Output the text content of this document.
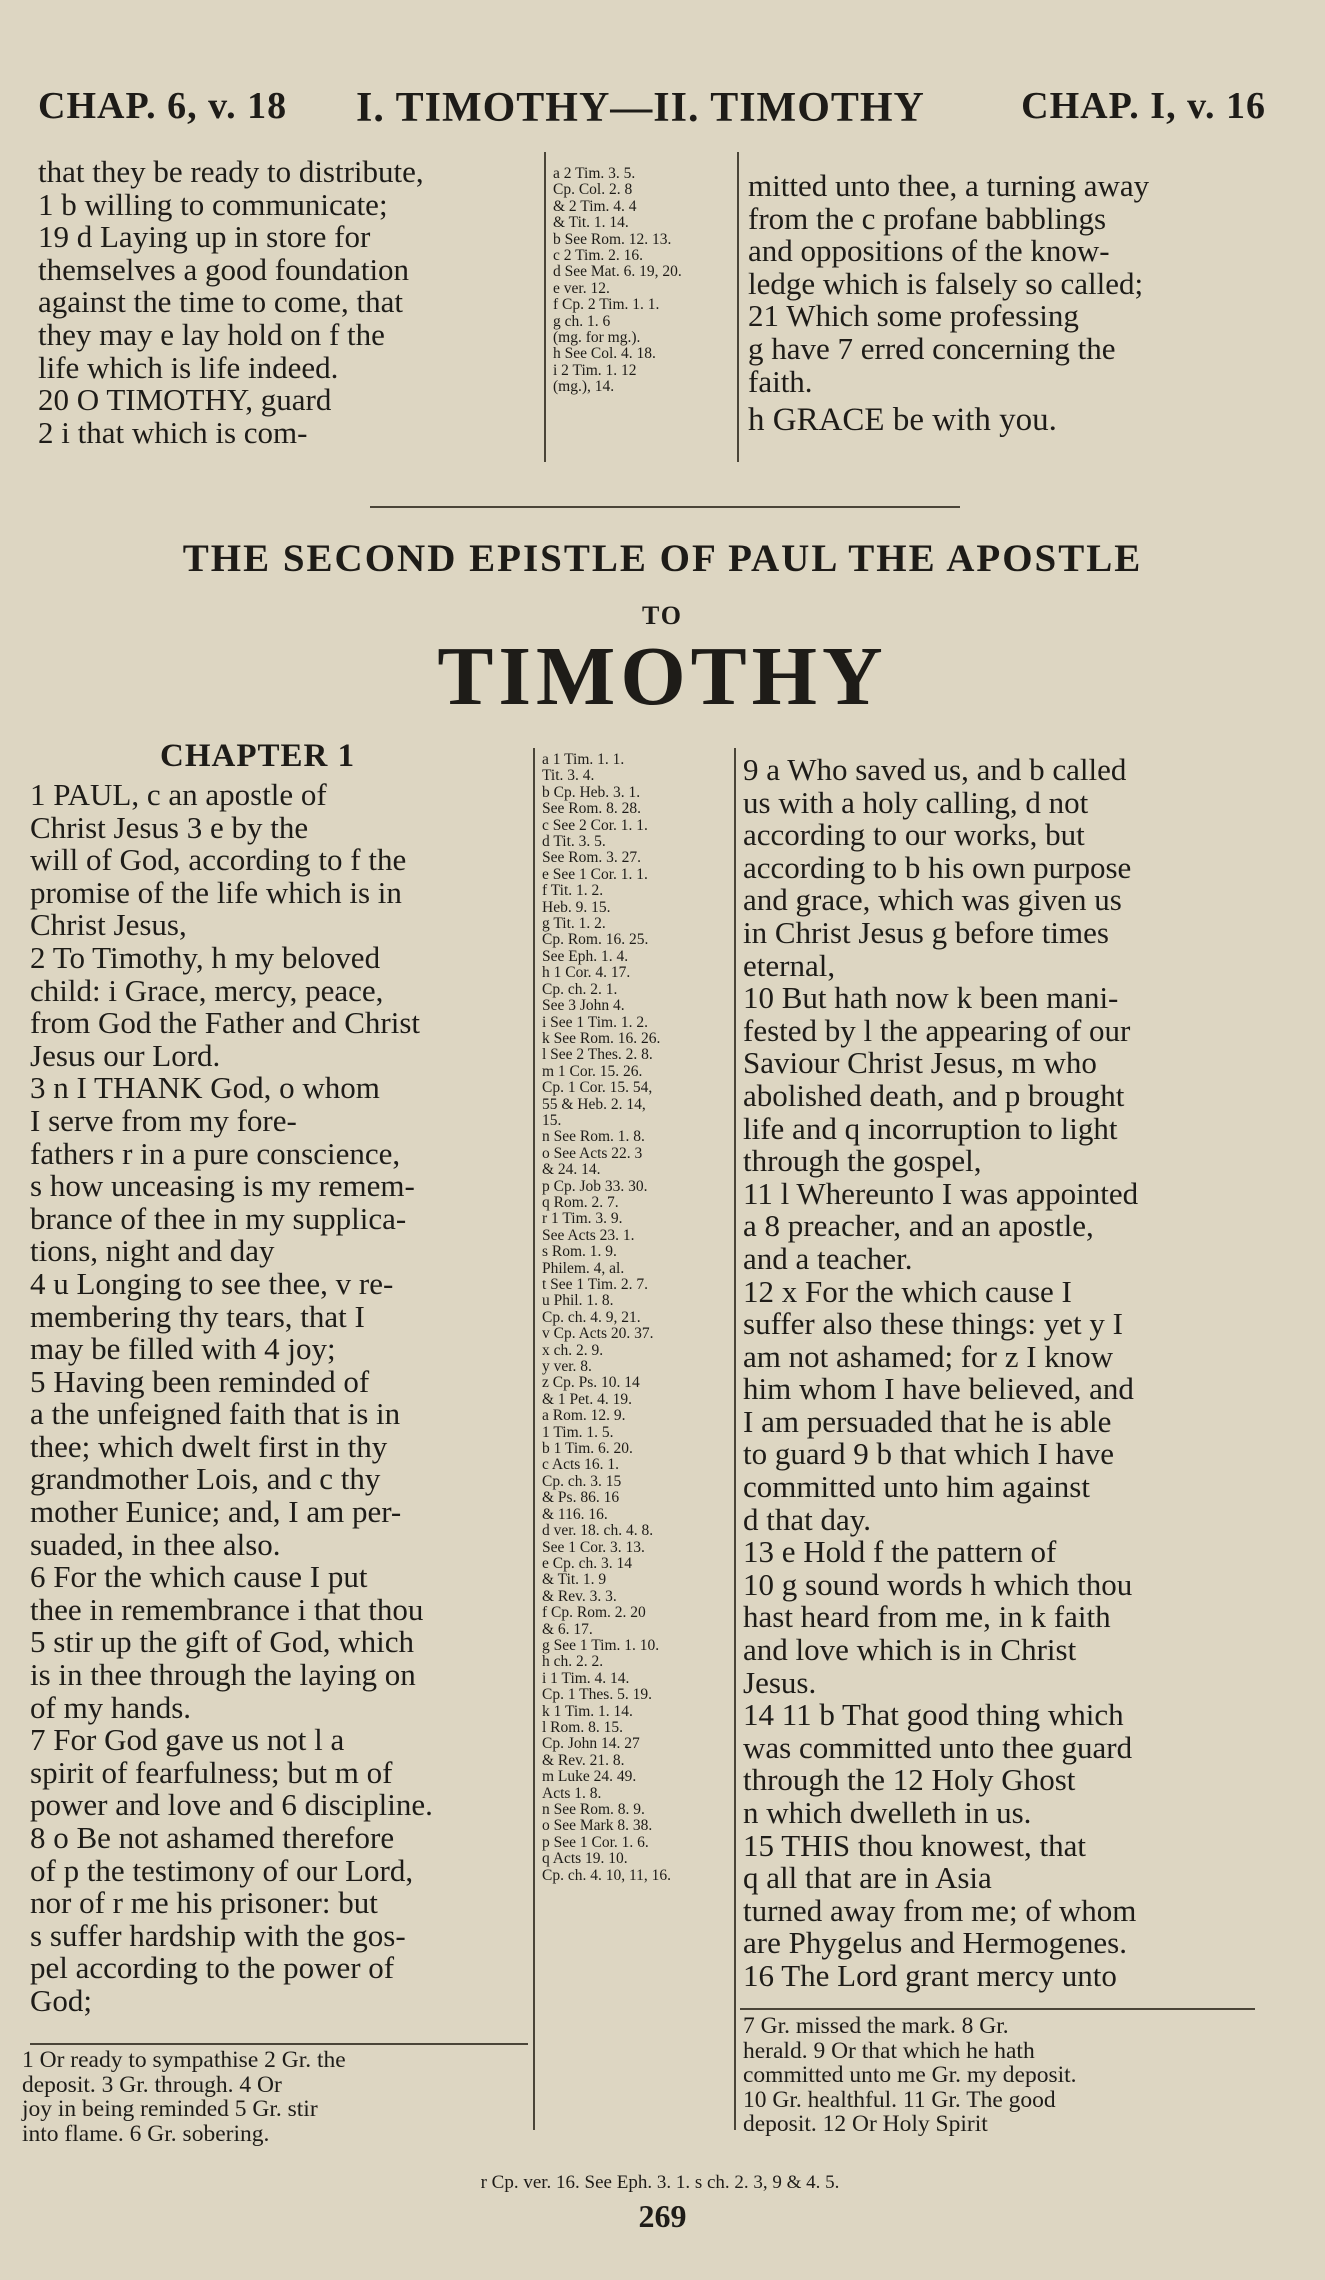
CHAP. 6, v. 18 I. TIMOTHY—II. TIMOTHY	CHAP. I, v. 16

that they be ready to distribute,

1 b willing to communicate;

19 d Laying up in store for

themselves a good foundation

against the time to come, that

they may e lay hold on f the

life which is life indeed.

20 O TIMOTHY, guard

2 i that which is com-

a 2 Tim. 3. 5.
Cp. Col. 2. 8
& 2 Tim. 4. 4
& Tit. 1. 14.
b See Rom. 12. 13.
c 2 Tim. 2. 16.
d See Mat. 6. 19, 20.
e ver. 12.
f Cp. 2 Tim. 1. 1.
g ch. 1. 6
(mg. for mg.).
h See Col. 4. 18.
i 2 Tim. 1. 12
(mg.), 14.

mitted unto thee, a turning away

from the c profane babblings

and oppositions of the know-

ledge which is falsely so called;

21 Which some professing

g have 7 erred concerning the

faith.

h GRACE be with you.

THE SECOND EPISTLE OF PAUL THE APOSTLE
TO
TIMOTHY
CHAPTER 1

1 PAUL, c an apostle of

Christ Jesus 3 e by the

will of God, according to f the

promise of the life which is in

Christ Jesus,

2 To Timothy, h my beloved

child: i Grace, mercy, peace,

from God the Father and Christ

Jesus our Lord.

3 n I THANK God, o whom

I serve from my fore-

fathers r in a pure conscience,

s how unceasing is my remem-

brance of thee in my supplica-

tions, night and day

4 u Longing to see thee, v re-

membering thy tears, that I

may be filled with 4 joy;

5 Having been reminded of

a the unfeigned faith that is in

thee; which dwelt first in thy

grandmother Lois, and c thy

mother Eunice; and, I am per-

suaded, in thee also.

6 For the which cause I put

thee in remembrance i that thou

5 stir up the gift of God, which

is in thee through the laying on

of my hands.

7 For God gave us not l a

spirit of fearfulness; but m of

power and love and 6 discipline.

8 o Be not ashamed therefore

of p the testimony of our Lord,

nor of r me his prisoner: but

s suffer hardship with the gos-

pel according to the power of

God;

a 1 Tim. 1. 1.
Tit. 3. 4.
b Cp. Heb. 3. 1.
See Rom. 8. 28.
c See 2 Cor. 1. 1.
d Tit. 3. 5.
See Rom. 3. 27.
e See 1 Cor. 1. 1.
f Tit. 1. 2.
Heb. 9. 15.
g Tit. 1. 2.
Cp. Rom. 16. 25.
See Eph. 1. 4.
h 1 Cor. 4. 17.
Cp. ch. 2. 1.
See 3 John 4.
i See 1 Tim. 1. 2.
k See Rom. 16. 26.
l See 2 Thes. 2. 8.
m 1 Cor. 15. 26.
Cp. 1 Cor. 15. 54,
55 & Heb. 2. 14,
15.
n See Rom. 1. 8.
o See Acts 22. 3
& 24. 14.
p Cp. Job 33. 30.
q Rom. 2. 7.
r 1 Tim. 3. 9.
See Acts 23. 1.
s Rom. 1. 9.
Philem. 4, al.
t See 1 Tim. 2. 7.
u Phil. 1. 8.
Cp. ch. 4. 9, 21.
v Cp. Acts 20. 37.
x ch. 2. 9.
y ver. 8.
z Cp. Ps. 10. 14
& 1 Pet. 4. 19.
a Rom. 12. 9.
1 Tim. 1. 5.
b 1 Tim. 6. 20.
c Acts 16. 1.
Cp. ch. 3. 15
& Ps. 86. 16
& 116. 16.
d ver. 18. ch. 4. 8.
See 1 Cor. 3. 13.
e Cp. ch. 3. 14
& Tit. 1. 9
& Rev. 3. 3.
f Cp. Rom. 2. 20
& 6. 17.
g See 1 Tim. 1. 10.
h ch. 2. 2.
i 1 Tim. 4. 14.
Cp. 1 Thes. 5. 19.
k 1 Tim. 1. 14.
l Rom. 8. 15.
Cp. John 14. 27
& Rev. 21. 8.
m Luke 24. 49.
Acts 1. 8.
n See Rom. 8. 9.
o See Mark 8. 38.
p See 1 Cor. 1. 6.
q Acts 19. 10.
Cp. ch. 4. 10, 11, 16.

9 a Who saved us, and b called

us with a holy calling, d not

according to our works, but

according to b his own purpose

and grace, which was given us

in Christ Jesus g before times

eternal,

10 But hath now k been mani-

fested by l the appearing of our

Saviour Christ Jesus, m who

abolished death, and p brought

life and q incorruption to light

through the gospel,

11 l Whereunto I was appointed

a 8 preacher, and an apostle,

and a teacher.

12 x For the which cause I

suffer also these things: yet y I

am not ashamed; for z I know

him whom I have believed, and

I am persuaded that he is able

to guard 9 b that which I have

committed unto him against

d that day.

13 e Hold f the pattern of

10 g sound words h which thou

hast heard from me, in k faith

and love which is in Christ

Jesus.

14 11 b That good thing which

was committed unto thee guard

through the 12 Holy Ghost

n which dwelleth in us.

15 THIS thou knowest, that

q all that are in Asia

turned away from me; of whom

are Phygelus and Hermogenes.

16 The Lord grant mercy unto

1 Or ready to sympathise 2 Gr. the

deposit. 3 Gr. through. 4 Or

joy in being reminded 5 Gr. stir

into flame. 6 Gr. sobering.

7 Gr. missed the mark. 8 Gr.

herald. 9 Or that which he hath

committed unto me Gr. my deposit.

10 Gr. healthful. 11 Gr. The good

deposit. 12 Or Holy Spirit

r Cp. ver. 16. See Eph. 3. 1. s ch. 2. 3, 9 & 4. 5.
269
